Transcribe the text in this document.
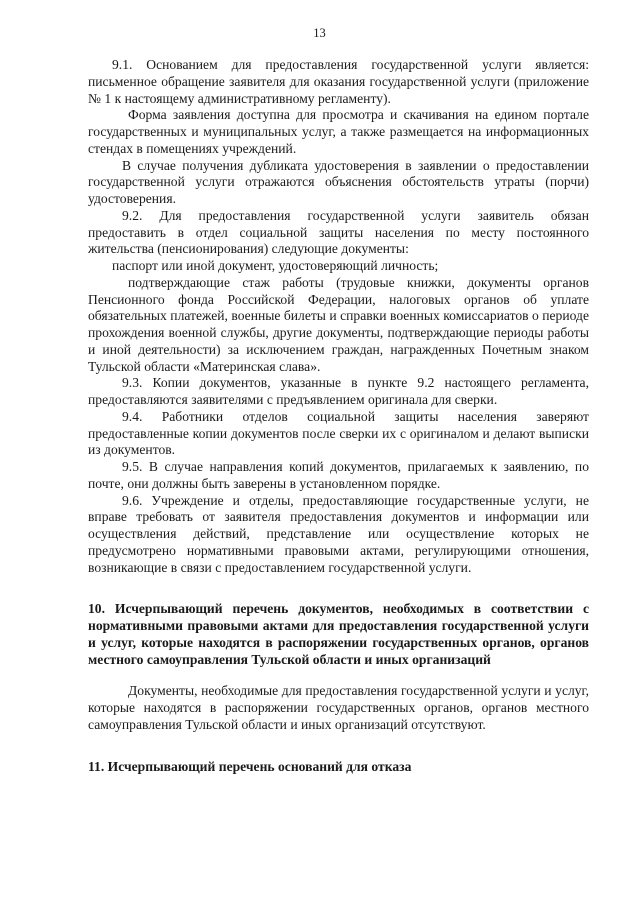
13

9.1. Основанием для предоставления государственной услуги является: письменное обращение заявителя для оказания государственной услуги (приложение № 1 к настоящему административному регламенту).

Форма заявления доступна для просмотра и скачивания на едином портале государственных и муниципальных услуг, а также размещается на информационных стендах в помещениях учреждений.

В случае получения дубликата удостоверения в заявлении о предоставлении государственной услуги отражаются объяснения обстоятельств утраты (порчи) удостоверения.

9.2. Для предоставления государственной услуги заявитель обязан предоставить в отдел социальной защиты населения по месту постоянного жительства (пенсионирования) следующие документы:

паспорт или иной документ, удостоверяющий личность;

подтверждающие стаж работы (трудовые книжки, документы органов Пенсионного фонда Российской Федерации, налоговых органов об уплате обязательных платежей, военные билеты и справки военных комиссариатов о периоде прохождения военной службы, другие документы, подтверждающие периоды работы и иной деятельности) за исключением граждан, награжденных Почетным знаком Тульской области «Материнская слава».

9.3. Копии документов, указанные в пункте 9.2 настоящего регламента, предоставляются заявителями с предъявлением оригинала для сверки.

9.4. Работники отделов социальной защиты населения заверяют предоставленные копии документов после сверки их с оригиналом и делают выписки из документов.

9.5. В случае направления копий документов, прилагаемых к заявлению, по почте, они должны быть заверены в установленном порядке.

9.6. Учреждение и отделы, предоставляющие государственные услуги, не вправе требовать от заявителя предоставления документов и информации или осуществления действий, представление или осуществление которых не предусмотрено нормативными правовыми актами, регулирующими отношения, возникающие в связи с предоставлением государственной услуги.

10. Исчерпывающий перечень документов, необходимых в соответствии с нормативными правовыми актами для предоставления государственной услуги и услуг, которые находятся в распоряжении государственных органов, органов местного самоуправления Тульской области и иных организаций

Документы, необходимые для предоставления государственной услуги и услуг, которые находятся в распоряжении государственных органов, органов местного самоуправления Тульской области и иных организаций отсутствуют.

11. Исчерпывающий перечень оснований для отказа
